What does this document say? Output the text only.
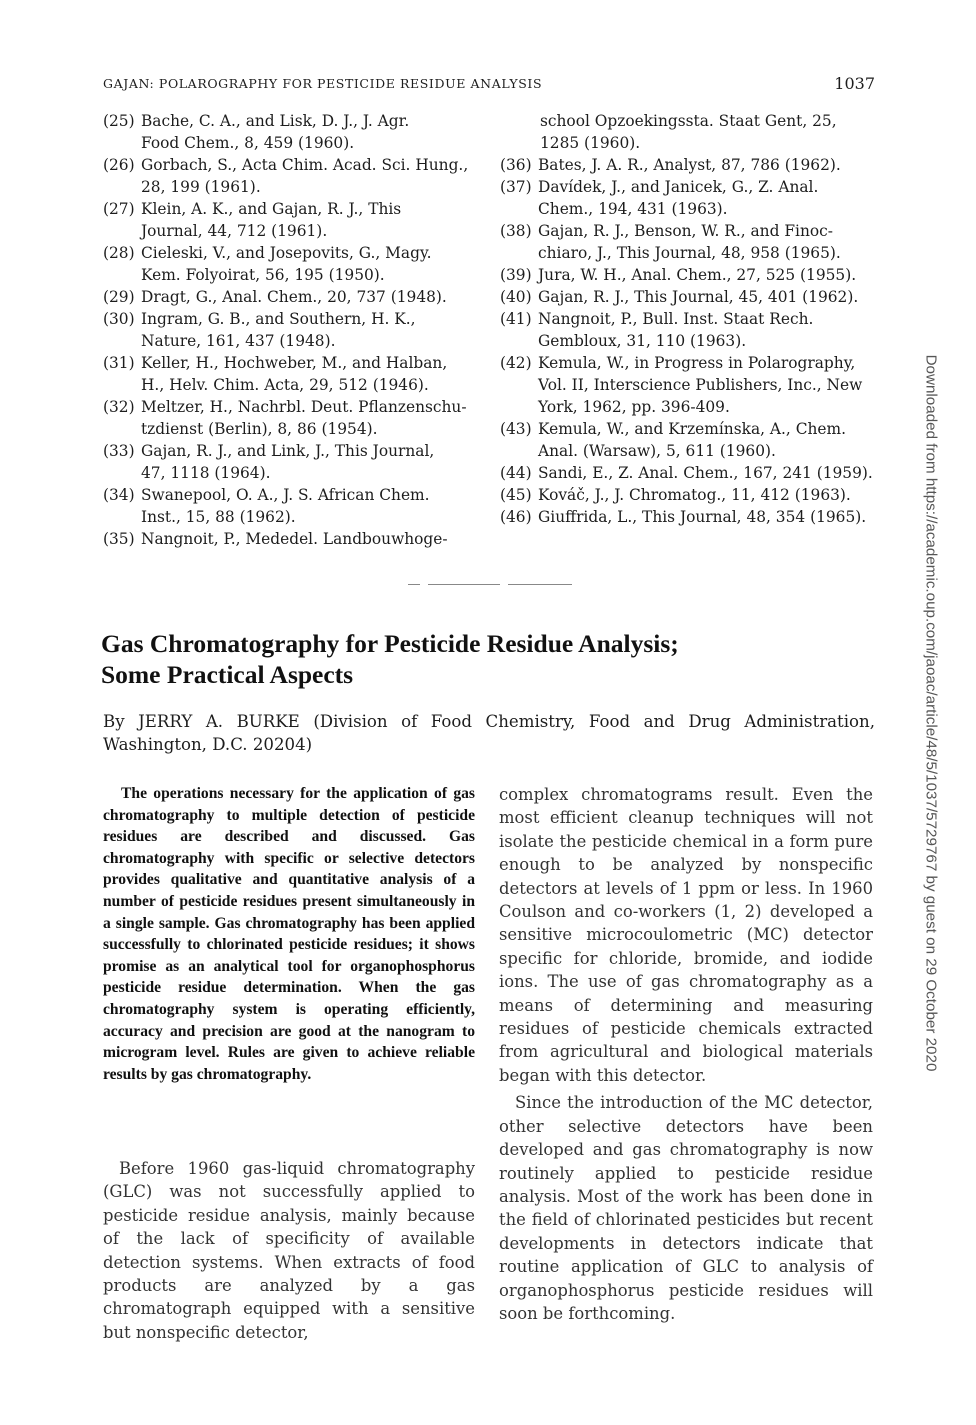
GAJAN: POLAROGRAPHY FOR PESTICIDE RESIDUE ANALYSIS	1037
(25) Bache, C. A., and Lisk, D. J., J. Agr.
Food Chem., 8, 459 (1960).
(26) Gorbach, S., Acta Chim. Acad. Sci. Hung.,
28, 199 (1961).
(27) Klein, A. K., and Gajan, R. J., This
Journal, 44, 712 (1961).
(28) Cieleski, V., and Josepovits, G., Magy.
Kem. Folyoirat, 56, 195 (1950).
(29) Dragt, G., Anal. Chem., 20, 737 (1948).
(30) Ingram, G. B., and Southern, H. K.,
Nature, 161, 437 (1948).
(31) Keller, H., Hochweber, M., and Halban,
H., Helv. Chim. Acta, 29, 512 (1946).
(32) Meltzer, H., Nachrbl. Deut. Pflanzenschu-
tzdienst (Berlin), 8, 86 (1954).
(33) Gajan, R. J., and Link, J., This Journal,
47, 1118 (1964).
(34) Swanepool, O. A., J. S. African Chem.
Inst., 15, 88 (1962).
(35) Nangnoit, P., Mededel. Landbouwhoge-
school Opzoekingssta. Staat Gent, 25,
1285 (1960).
(36) Bates, J. A. R., Analyst, 87, 786 (1962).
(37) Davídek, J., and Janicek, G., Z. Anal.
Chem., 194, 431 (1963).
(38) Gajan, R. J., Benson, W. R., and Finoc-
chiaro, J., This Journal, 48, 958 (1965).
(39) Jura, W. H., Anal. Chem., 27, 525 (1955).
(40) Gajan, R. J., This Journal, 45, 401 (1962).
(41) Nangnoit, P., Bull. Inst. Staat Rech.
Gembloux, 31, 110 (1963).
(42) Kemula, W., in Progress in Polarography,
Vol. II, Interscience Publishers, Inc., New
York, 1962, pp. 396-409.
(43) Kemula, W., and Krzemínska, A., Chem.
Anal. (Warsaw), 5, 611 (1960).
(44) Sandi, E., Z. Anal. Chem., 167, 241 (1959).
(45) Kováč, J., J. Chromatog., 11, 412 (1963).
(46) Giuffrida, L., This Journal, 48, 354 (1965).
Gas Chromatography for Pesticide Residue Analysis;
Some Practical Aspects
By JERRY A. BURKE (Division of Food Chemistry, Food and Drug Administration, Washington, D.C. 20204)
The operations necessary for the application of gas chromatography to multiple detection of pesticide residues are described and discussed. Gas chromatography with specific or selective detectors provides qualitative and quantitative analysis of a number of pesticide residues present simultaneously in a single sample. Gas chromatography has been applied successfully to chlorinated pesticide residues; it shows promise as an analytical tool for organophosphorus pesticide residue determination. When the gas chromatography system is operating efficiently, accuracy and precision are good at the nanogram to microgram level. Rules are given to achieve reliable results by gas chromatography.
Before 1960 gas-liquid chromatography (GLC) was not successfully applied to pesticide residue analysis, mainly because of the lack of specificity of available detection systems. When extracts of food products are analyzed by a gas chromatograph equipped with a sensitive but nonspecific detector,

complex chromatograms result. Even the most efficient cleanup techniques will not isolate the pesticide chemical in a form pure enough to be analyzed by nonspecific detectors at levels of 1 ppm or less. In 1960 Coulson and co-workers (1, 2) developed a sensitive microcoulometric (MC) detector specific for chloride, bromide, and iodide ions. The use of gas chromatography as a means of determining and measuring residues of pesticide chemicals extracted from agricultural and biological materials began with this detector.

Since the introduction of the MC detector, other selective detectors have been developed and gas chromatography is now routinely applied to pesticide residue analysis. Most of the work has been done in the field of chlorinated pesticides but recent developments in detectors indicate that routine application of GLC to analysis of organophosphorus pesticide residues will soon be forthcoming.

Downloaded from https://academic.oup.com/jaoac/article/48/5/1037/5729767 by guest on 29 October 2020
